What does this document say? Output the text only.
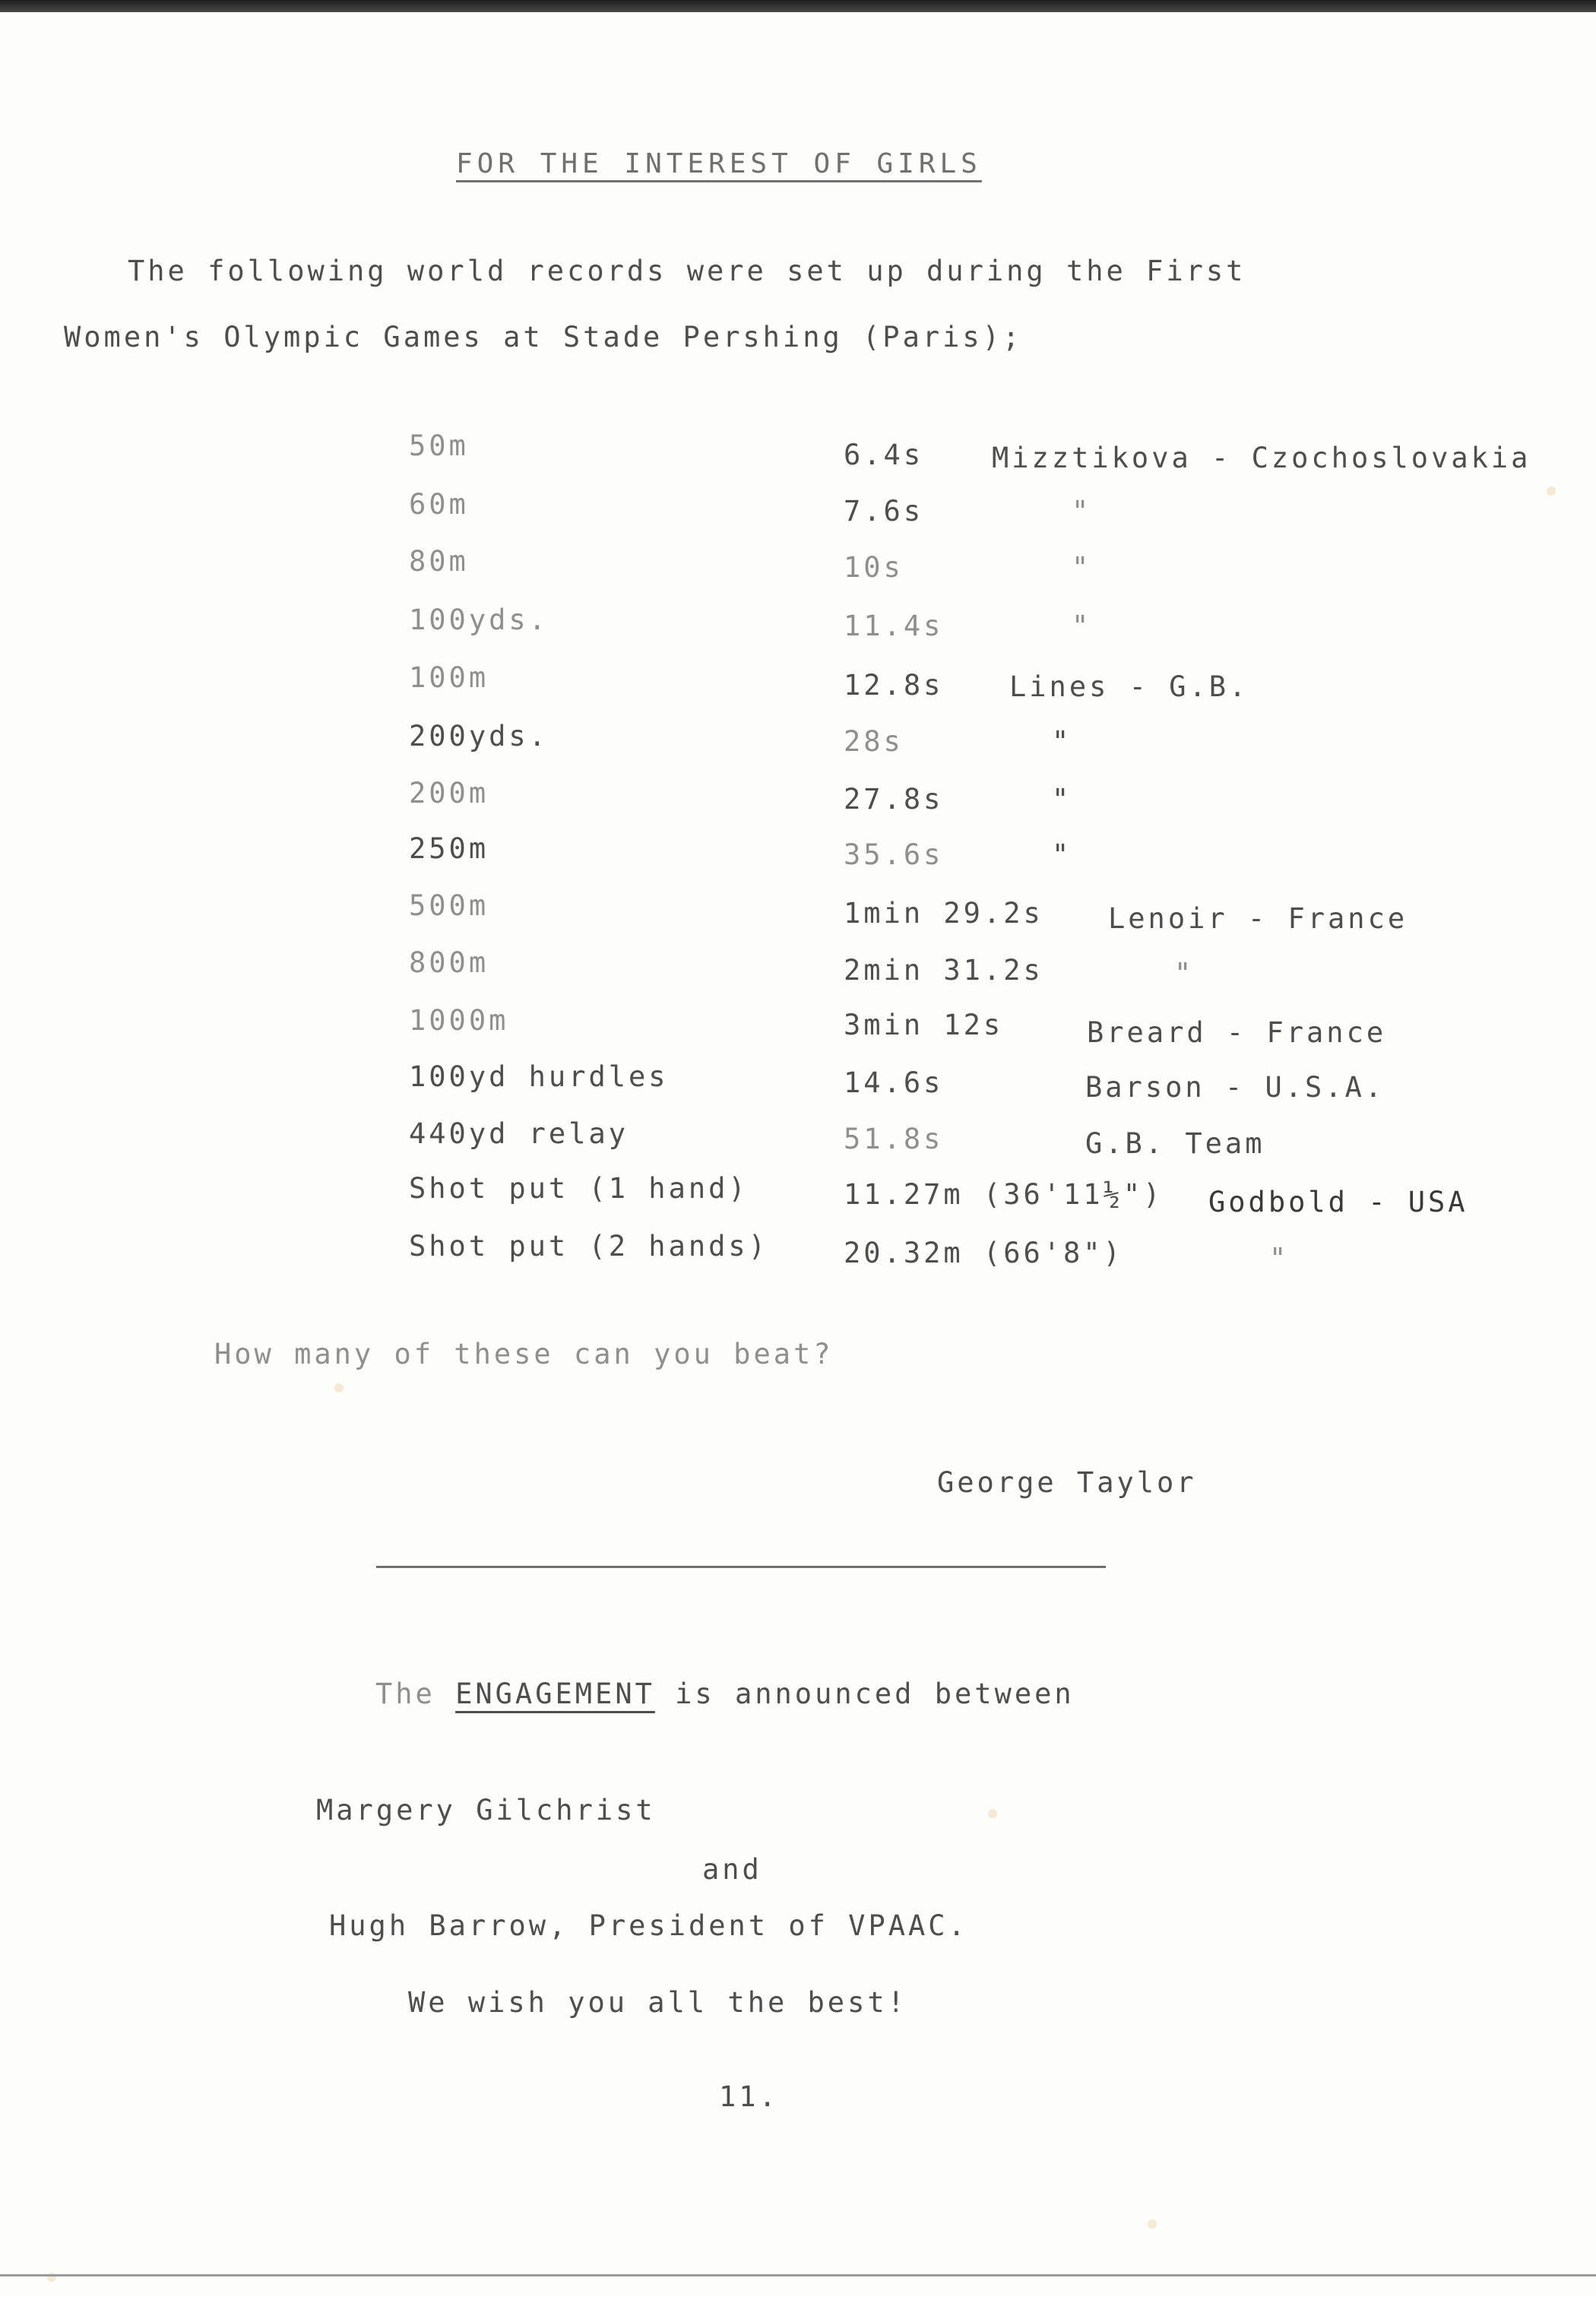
FOR THE INTEREST OF GIRLS
The following world records were set up during the First
Women's Olympic Games at Stade Pershing (Paris);
50m	6.4s Mizztikova - Czochoslovakia
60m	7.6s	"
80m	10s	"
100yds.	11.4s	"
100m	12.8s Lines - G.B.
200yds.	28s	"
200m	27.8s	"
250m	35.6s	"
500m	1min 29.2s Lenoir - France
800m	2min 31.2s	"
1000m	3min 12s	Breard - France
100yd hurdles	14.6s	Barson - U.S.A.
440yd relay	51.8s	G.B. Team
Shot put (1 hand)	11.27m (36'11½") Godbold - USA
Shot put (2 hands)	20.32m (66'8")	"
How many of these can you beat?
George Taylor
The ENGAGEMENT is announced between
Margery Gilchrist
and
Hugh Barrow, President of VPAAC.
We wish you all the best!
11.
